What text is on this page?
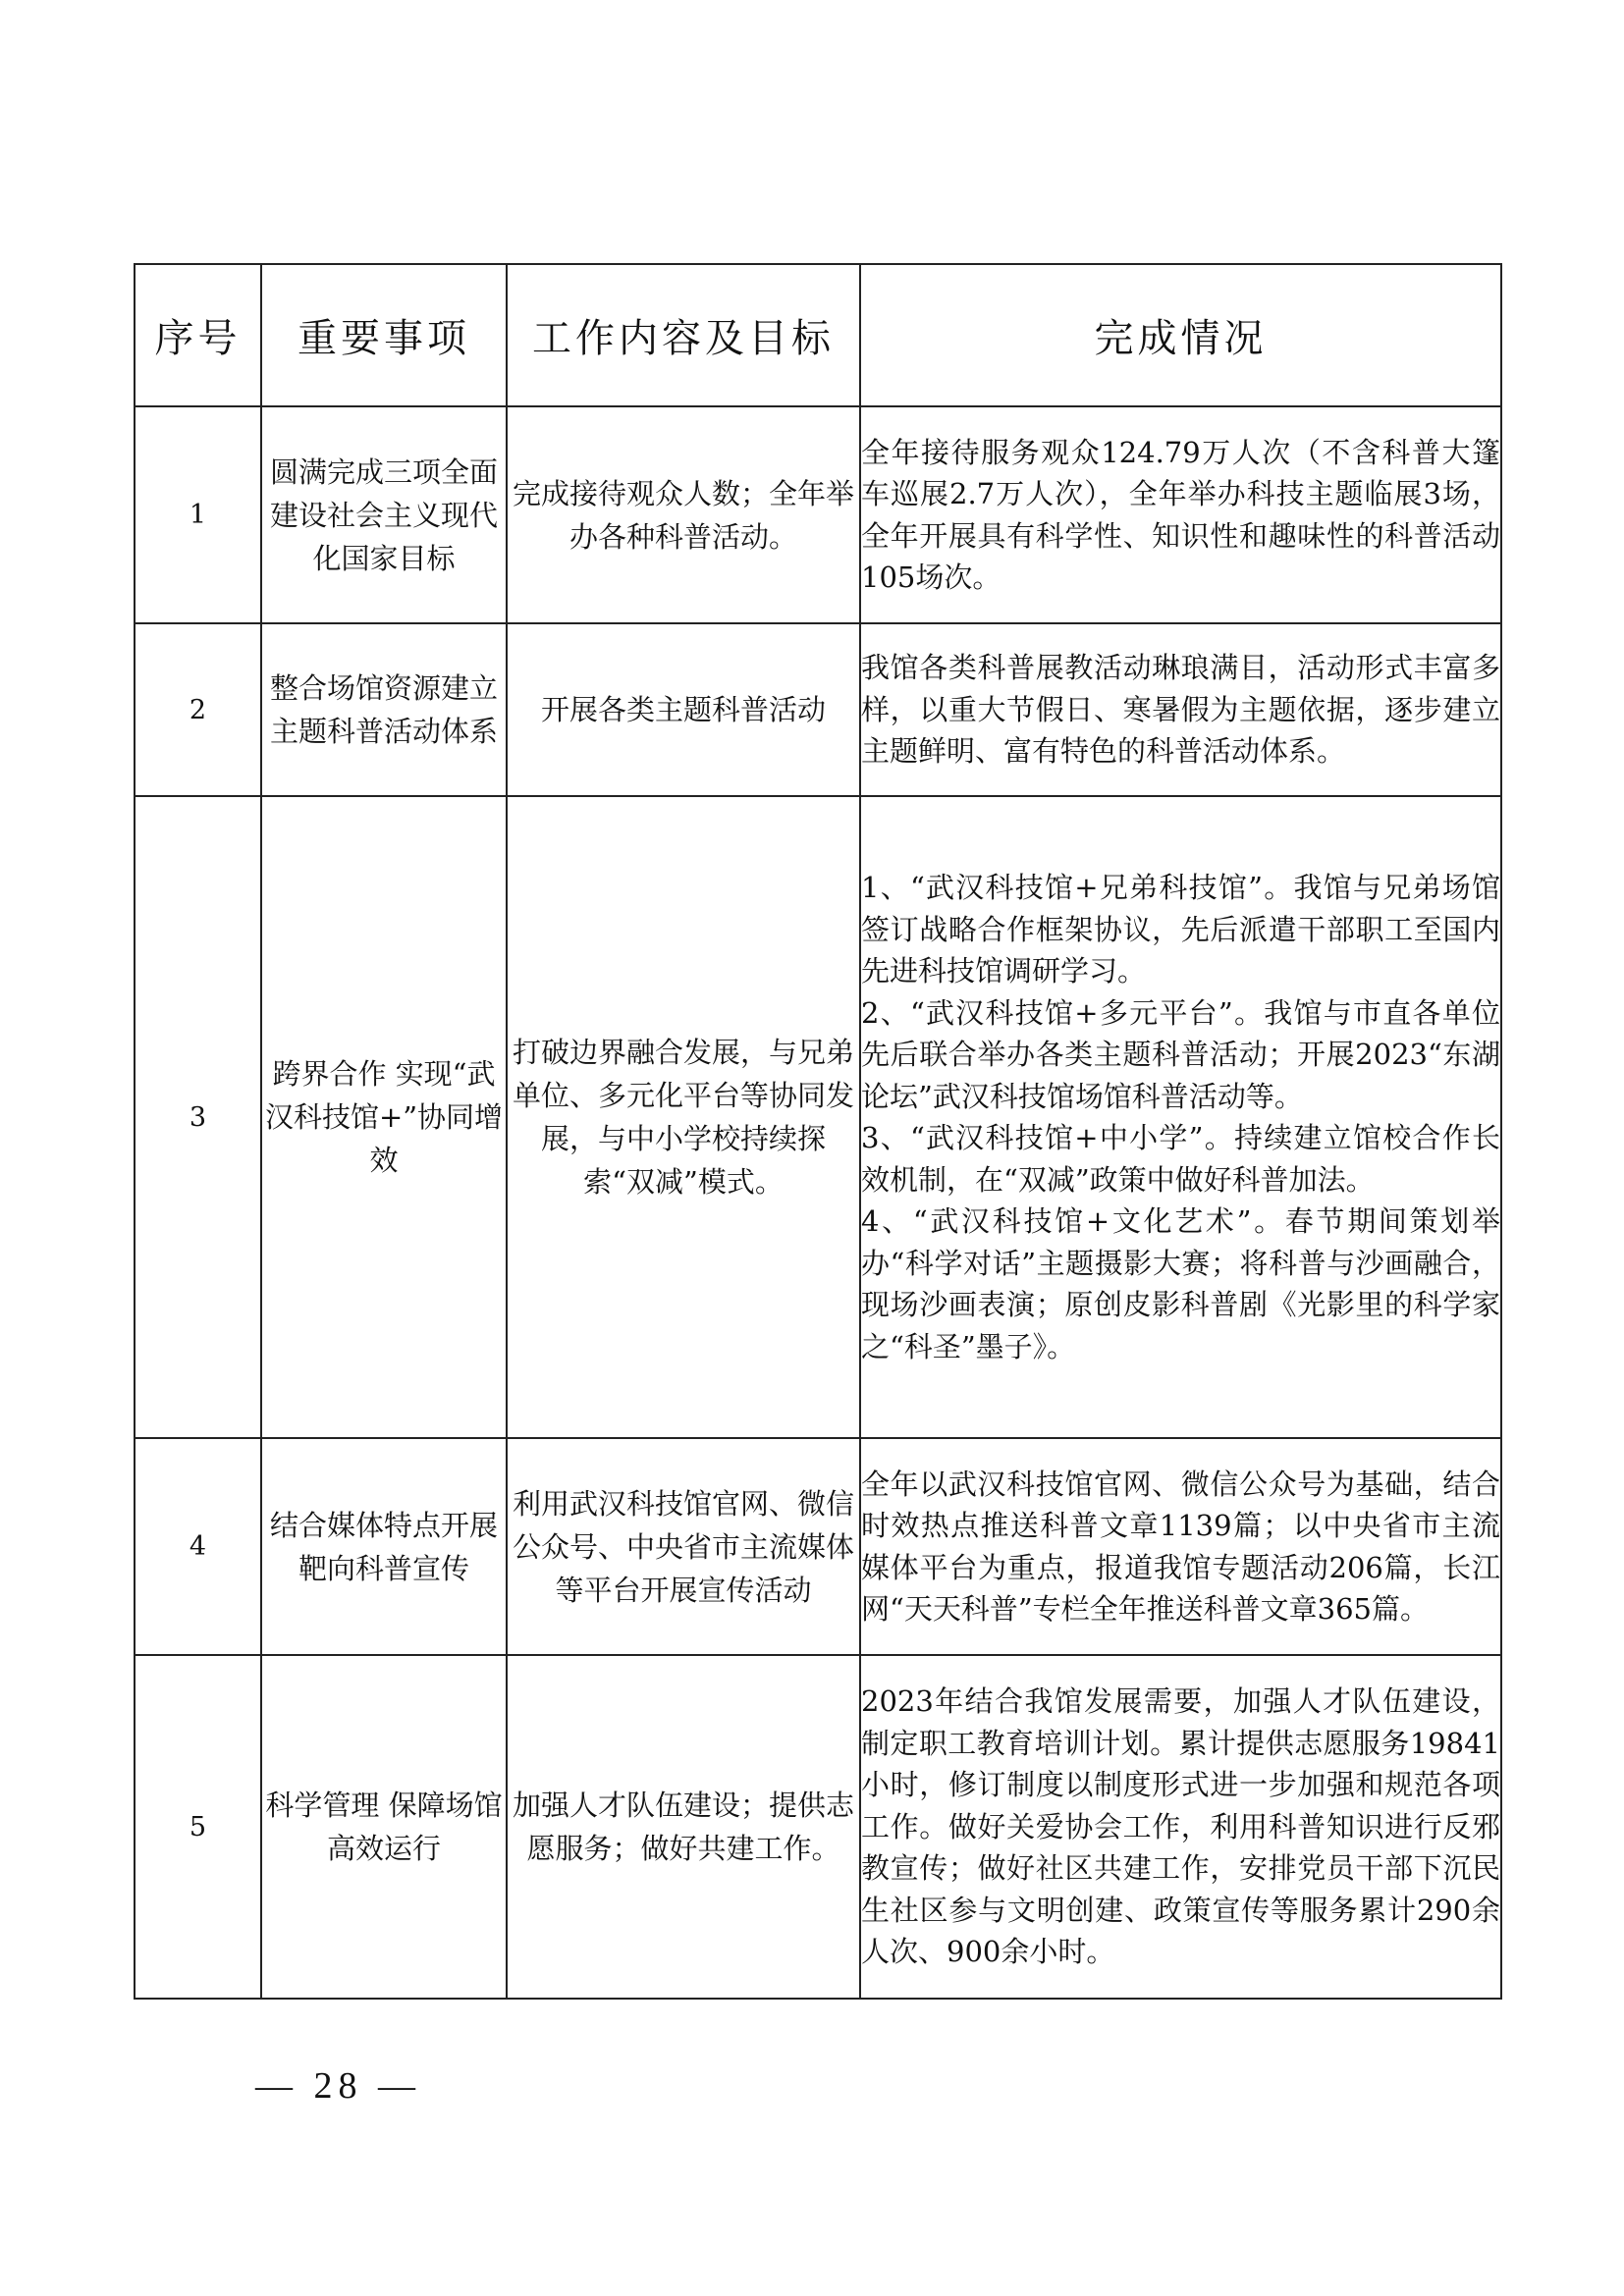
序号	重要事项	工作内容及目标	完成情况
1	圆满完成三项全面建设社会主义现代化国家目标	完成接待观众人数；全年举办各种科普活动。	全年接待服务观众124.79万人次（不含科普大篷车巡展2.7万人次），全年举办科技主题临展3场，全年开展具有科学性、知识性和趣味性的科普活动105场次。

2	整合场馆资源建立主题科普活动体系	开展各类主题科普活动	我馆各类科普展教活动琳琅满目，活动形式丰富多样，以重大节假日、寒暑假为主题依据，逐步建立主题鲜明、富有特色的科普活动体系。

3	跨界合作 实现“武汉科技馆+”协同增效	打破边界融合发展，与兄弟单位、多元化平台等协同发展，与中小学校持续探索“双减”模式。	1、“武汉科技馆+兄弟科技馆”。我馆与兄弟场馆签订战略合作框架协议，先后派遣干部职工至国内先进科技馆调研学习。
2、“武汉科技馆+多元平台”。我馆与市直各单位先后联合举办各类主题科普活动；开展2023“东湖论坛”武汉科技馆场馆科普活动等。
3、“武汉科技馆+中小学”。持续建立馆校合作长效机制，在“双减”政策中做好科普加法。
4、“武汉科技馆+文化艺术”。春节期间策划举办“科学对话”主题摄影大赛；将科普与沙画融合，现场沙画表演；原创皮影科普剧《光影里的科学家之“科圣”墨子》。

4	结合媒体特点开展靶向科普宣传	利用武汉科技馆官网、微信公众号、中央省市主流媒体等平台开展宣传活动	全年以武汉科技馆官网、微信公众号为基础，结合时效热点推送科普文章1139篇；以中央省市主流媒体平台为重点，报道我馆专题活动206篇，长江网“天天科普”专栏全年推送科普文章365篇。

5	科学管理 保障场馆高效运行	加强人才队伍建设；提供志愿服务；做好共建工作。	2023年结合我馆发展需要，加强人才队伍建设，制定职工教育培训计划。累计提供志愿服务19841小时，修订制度以制度形式进一步加强和规范各项工作。做好关爱协会工作，利用科普知识进行反邪教宣传；做好社区共建工作，安排党员干部下沉民生社区参与文明创建、政策宣传等服务累计290余人次、900余小时。
— 28 —
